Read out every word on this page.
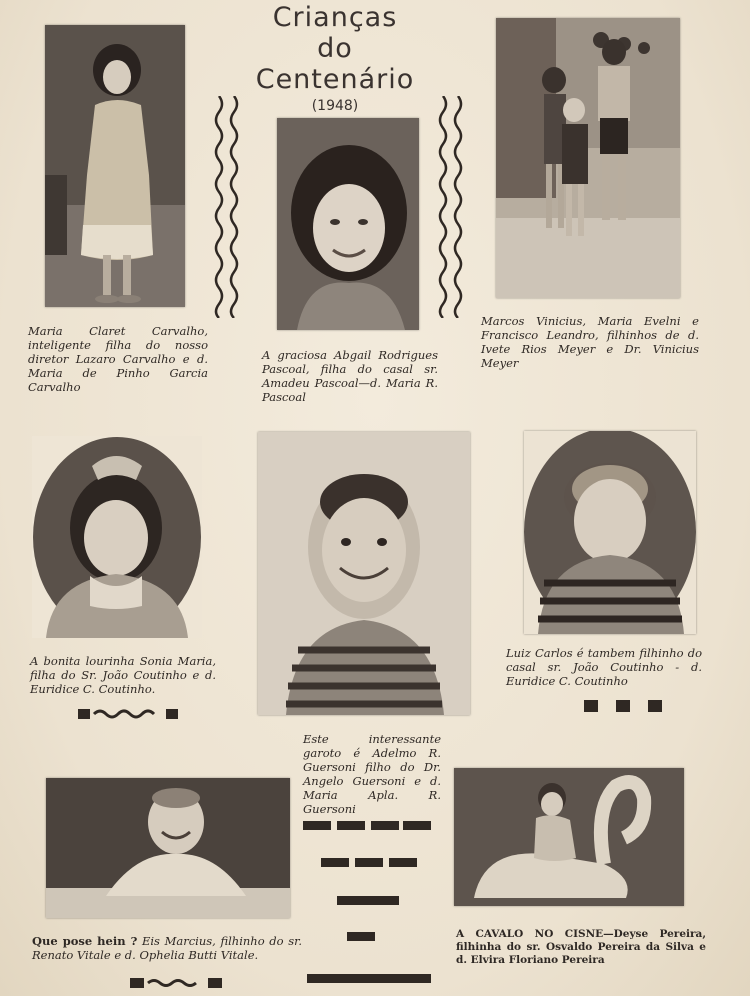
Crianças
do
Centenário
(1948)
Maria Claret Carvalho, inteligente filha do nosso diretor Lazaro Carvalho e d. Maria de Pinho Garcia Carvalho
A graciosa Abgail Rodrigues Pascoal, filha do casal sr. Amadeu Pascoal—d. Maria R. Pascoal
Marcos Vinicius, Maria Evelni e Francisco Leandro, filhinhos de d. Ivete Rios Meyer e Dr. Vinicius Meyer
A bonita lourinha Sonia Maria, filha do Sr. João Coutinho e d. Euridice C. Coutinho.
Luiz Carlos é tambem filhinho do casal sr. João Coutinho - d. Euridice C. Coutinho
Este interessante garoto é Adelmo R. Guersoni filho do Dr. Angelo Guersoni e d. Maria Apla. R. Guersoni
Que pose hein ? Eis Marcius, filhinho do sr. Renato Vitale e d. Ophelia Butti Vitale.
A CAVALO NO CISNE—Deyse Pereira, filhinha do sr. Osvaldo Pereira da Silva e d. Elvira Floriano Pereira
